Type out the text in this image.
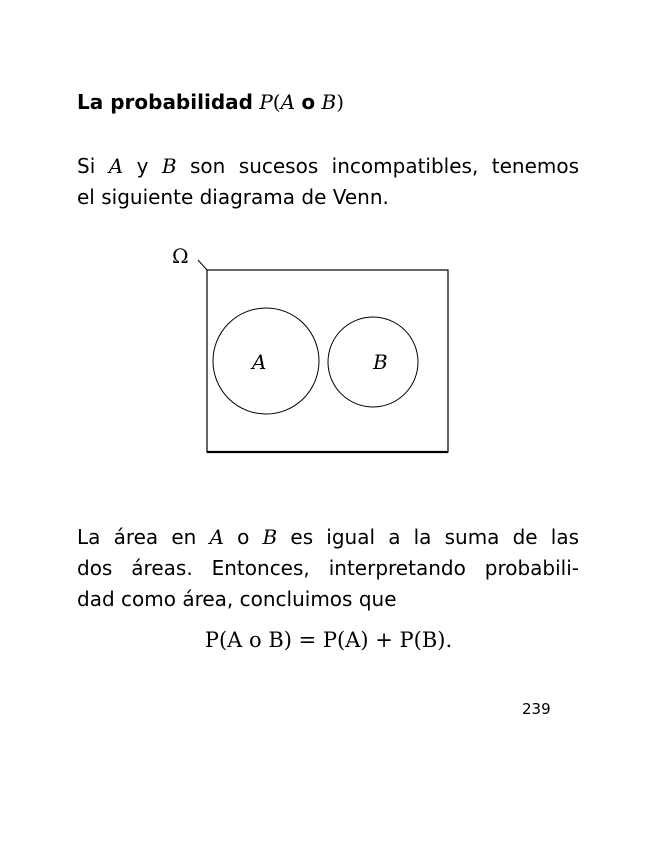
La probabilidad P(A o B)
Si A y B son sucesos incompatibles, tenemos
el siguiente diagrama de Venn.
Ω
A	B
La área en A o B es igual a la suma de las
dos áreas. Entonces, interpretando probabili-
dad como área, concluimos que
P(A o B) = P(A) + P(B).
239
